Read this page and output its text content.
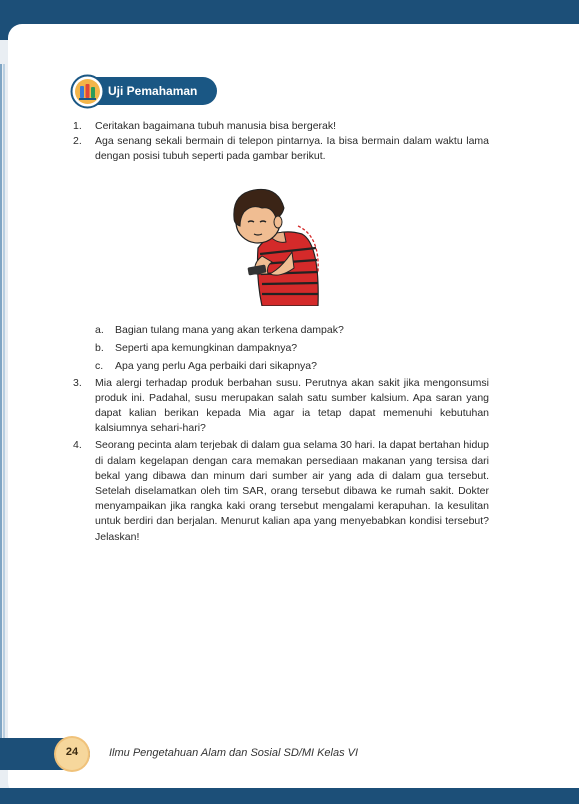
Uji Pemahaman
1.	Ceritakan bagaimana tubuh manusia bisa bergerak!
2.	Aga senang sekali bermain di telepon pintarnya. Ia bisa bermain dalam waktu lama dengan posisi tubuh seperti pada gambar berikut.
a.	Bagian tulang mana yang akan terkena dampak?
b.	Seperti apa kemungkinan dampaknya?
c.	Apa yang perlu Aga perbaiki dari sikapnya?
3.	Mia alergi terhadap produk berbahan susu. Perutnya akan sakit jika mengonsumsi produk ini. Padahal, susu merupakan salah satu sumber kalsium. Apa saran yang dapat kalian berikan kepada Mia agar ia tetap dapat memenuhi kebutuhan kalsiumnya sehari-hari?
4.	Seorang pecinta alam terjebak di dalam gua selama 30 hari. Ia dapat bertahan hidup di dalam kegelapan dengan cara memakan persediaan makanan yang tersisa dari bekal yang dibawa dan minum dari sumber air yang ada di dalam gua tersebut. Setelah diselamatkan oleh tim SAR, orang tersebut dibawa ke rumah sakit. Dokter menyampaikan jika rangka kaki orang tersebut mengalami kerapuhan. Ia kesulitan untuk berdiri dan berjalan. Menurut kalian apa yang menyebabkan kondisi tersebut? Jelaskan!
24	Ilmu Pengetahuan Alam dan Sosial SD/MI Kelas VI
